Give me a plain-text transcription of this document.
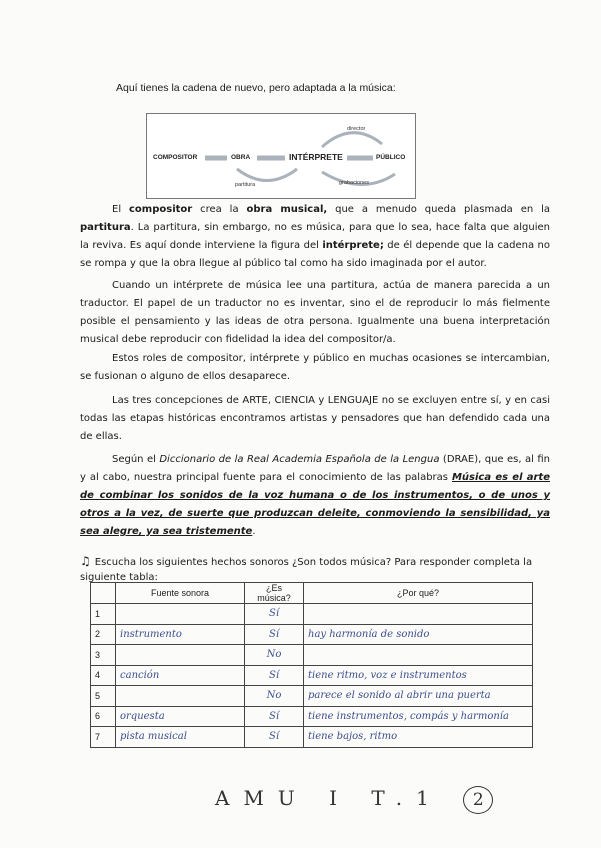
Aquí tienes la cadena de nuevo, pero adaptada a la música:
COMPOSITOR	OBRA	INTÉRPRETE	PÚBLICO
director
partitura	grabaciones
El compositor crea la obra musical, que a menudo queda plasmada en la partitura. La partitura, sin embargo, no es música, para que lo sea, hace falta que alguien la reviva. Es aquí donde interviene la figura del intérprete; de él depende que la cadena no se rompa y que la obra llegue al público tal como ha sido imaginada por el autor.
Cuando un intérprete de música lee una partitura, actúa de manera parecida a un traductor. El papel de un traductor no es inventar, sino el de reproducir lo más fielmente posible el pensamiento y las ideas de otra persona. Igualmente una buena interpretación musical debe reproducir con fidelidad la idea del compositor/a.
Estos roles de compositor, intérprete y público en muchas ocasiones se intercambian, se fusionan o alguno de ellos desaparece.
Las tres concepciones de ARTE, CIENCIA y LENGUAJE no se excluyen entre sí, y en casi todas las etapas históricas encontramos artistas y pensadores que han defendido cada una de ellas.
Según el Diccionario de la Real Academia Española de la Lengua (DRAE), que es, al fin y al cabo, nuestra principal fuente para el conocimiento de las palabras Música es el arte de combinar los sonidos de la voz humana o de los instrumentos, o de unos y otros a la vez, de suerte que produzcan deleite, conmoviendo la sensibilidad, ya sea alegre, ya sea tristemente.
♫ Escucha los siguientes hechos sonoros ¿Son todos música? Para responder completa la siguiente tabla:
	Fuente sonora	¿Es música?	¿Por qué?
1		Sí	
2	instrumento	Sí	hay harmonía de sonido
3		No	
4	canción	Sí	tiene ritmo, voz e instrumentos
5		No	parece el sonido al abrir una puerta
6	orquesta	Sí	tiene instrumentos, compás y harmonía
7	pista musical	Sí	tiene bajos, ritmo
AMU I T.1 2
